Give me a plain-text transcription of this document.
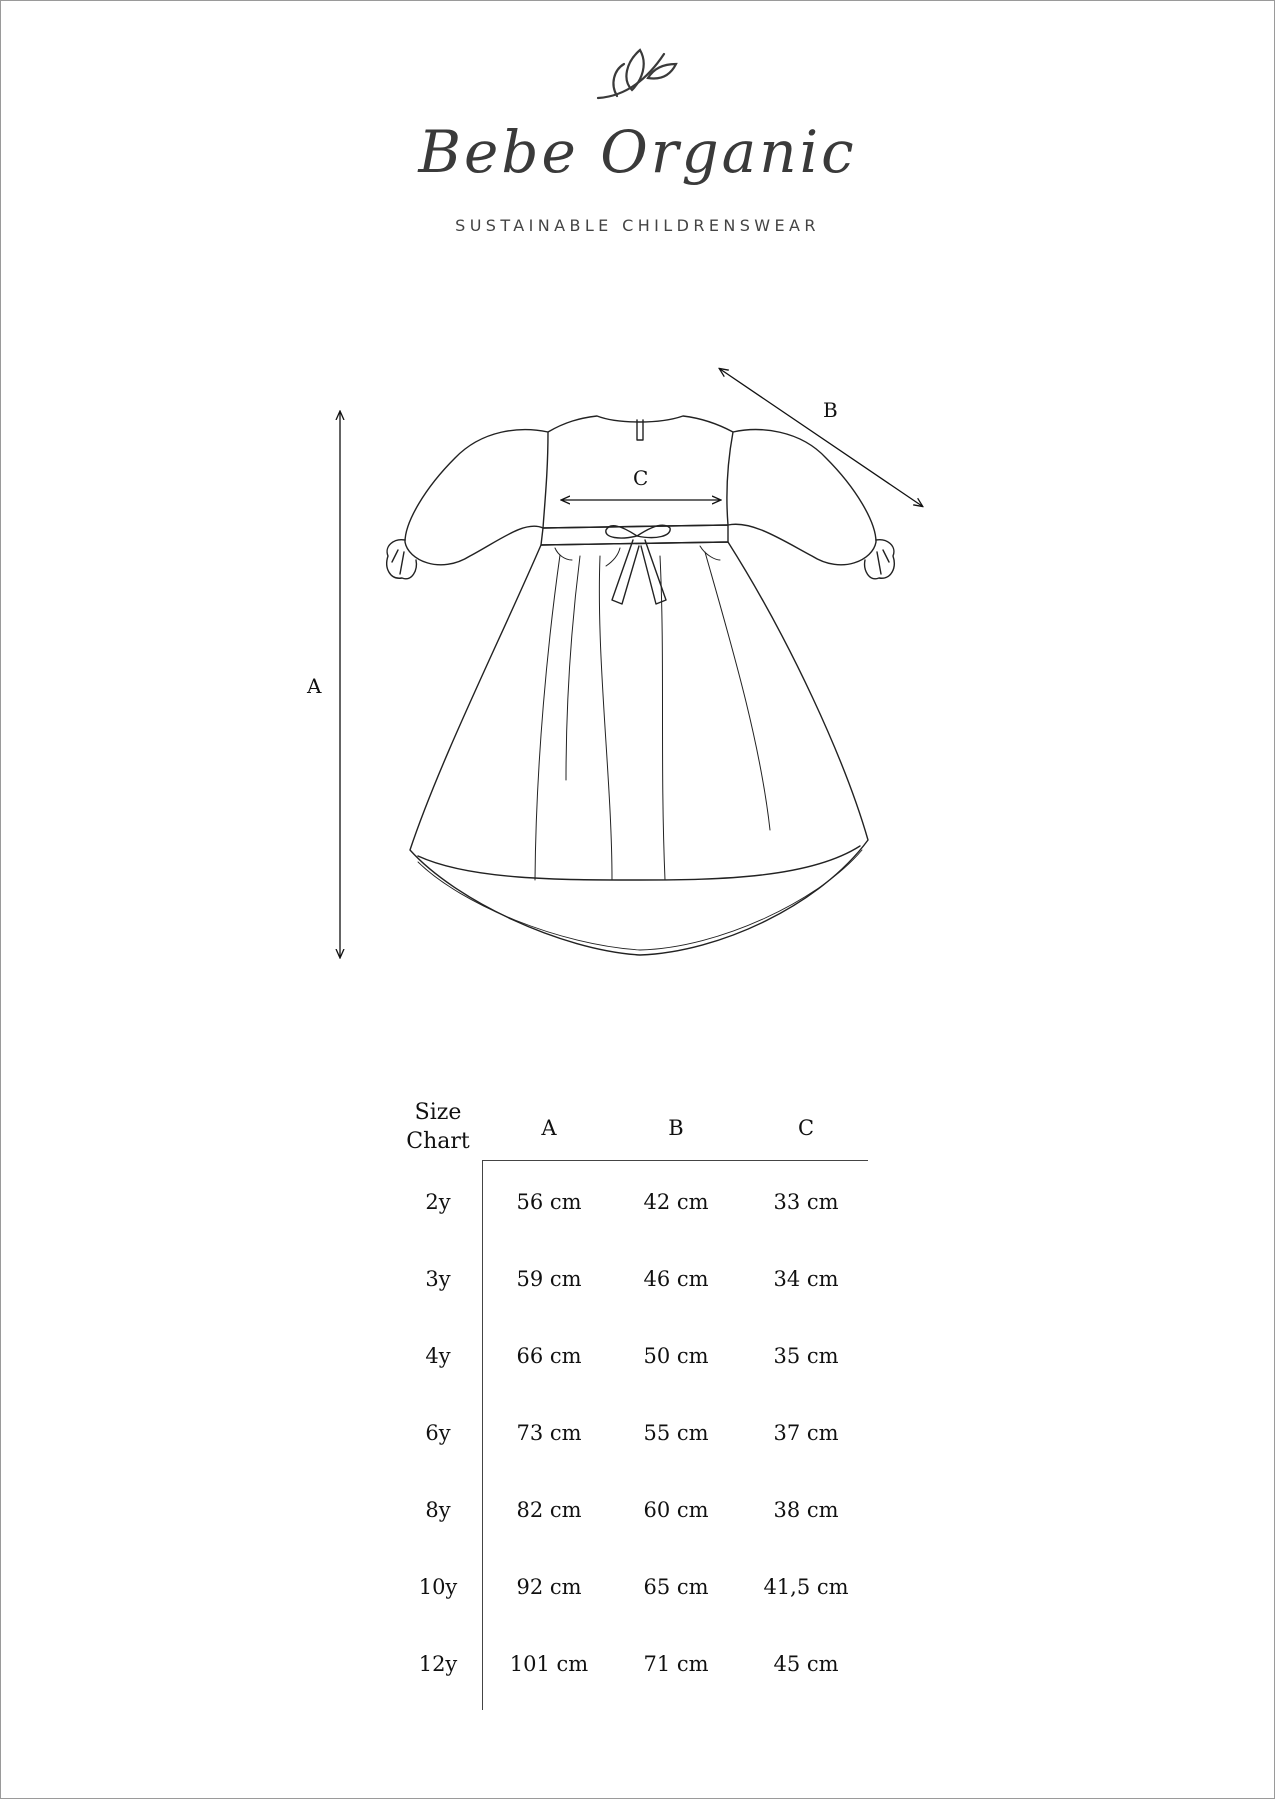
Bebe Organic
SUSTAINABLE CHILDRENSWEAR
A
B
C
Size
Chart
A	B	C
2y	56 cm	42 cm	33 cm
3y	59 cm	46 cm	34 cm
4y	66 cm	50 cm	35 cm
6y	73 cm	55 cm	37 cm
8y	82 cm	60 cm	38 cm
10y	92 cm	65 cm	41,5 cm
12y	101 cm	71 cm	45 cm
